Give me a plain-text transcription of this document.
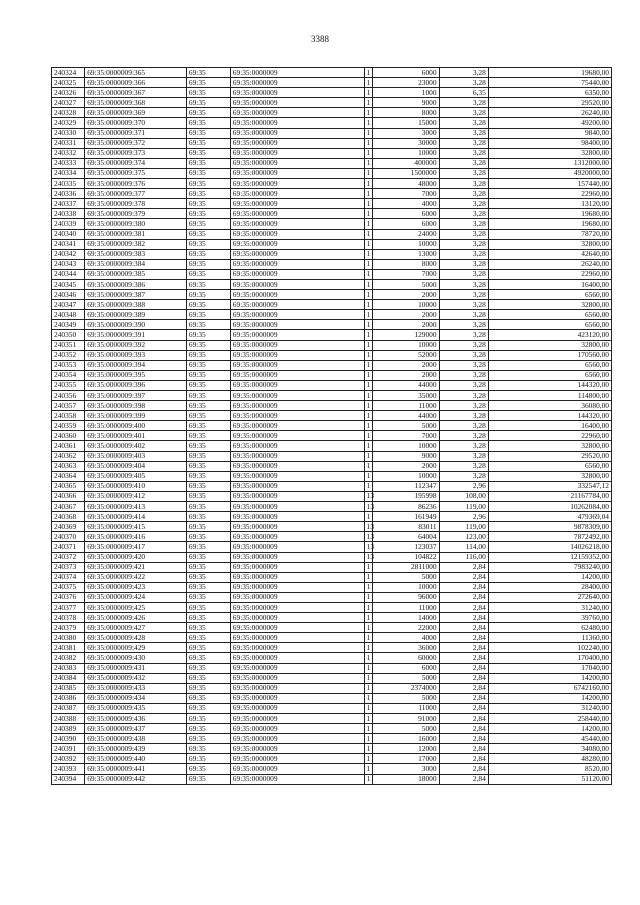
3388
240324	69:35:0000009:365	69:35	69:35:0000009	1	6000	3,28	19680,00
240325	69:35:0000009:366	69:35	69:35:0000009	1	23000	3,28	75440,00
240326	69:35:0000009:367	69:35	69:35:0000009	1	1000	6,35	6350,00
240327	69:35:0000009:368	69:35	69:35:0000009	1	9000	3,28	29520,00
240328	69:35:0000009:369	69:35	69:35:0000009	1	8000	3,28	26240,00
240329	69:35:0000009:370	69:35	69:35:0000009	1	15000	3,28	49200,00
240330	69:35:0000009:371	69:35	69:35:0000009	1	3000	3,28	9840,00
240331	69:35:0000009:372	69:35	69:35:0000009	1	30000	3,28	98400,00
240332	69:35:0000009:373	69:35	69:35:0000009	1	10000	3,28	32800,00
240333	69:35:0000009:374	69:35	69:35:0000009	1	400000	3,28	1312000,00
240334	69:35:0000009:375	69:35	69:35:0000009	1	1500000	3,28	4920000,00
240335	69:35:0000009:376	69:35	69:35:0000009	1	48000	3,28	157440,00
240336	69:35:0000009:377	69:35	69:35:0000009	1	7000	3,28	22960,00
240337	69:35:0000009:378	69:35	69:35:0000009	1	4000	3,28	13120,00
240338	69:35:0000009:379	69:35	69:35:0000009	1	6000	3,28	19680,00
240339	69:35:0000009:380	69:35	69:35:0000009	1	6000	3,28	19680,00
240340	69:35:0000009:381	69:35	69:35:0000009	1	24000	3,28	78720,00
240341	69:35:0000009:382	69:35	69:35:0000009	1	10000	3,28	32800,00
240342	69:35:0000009:383	69:35	69:35:0000009	1	13000	3,28	42640,00
240343	69:35:0000009:384	69:35	69:35:0000009	1	8000	3,28	26240,00
240344	69:35:0000009:385	69:35	69:35:0000009	1	7000	3,28	22960,00
240345	69:35:0000009:386	69:35	69:35:0000009	1	5000	3,28	16400,00
240346	69:35:0000009:387	69:35	69:35:0000009	1	2000	3,28	6560,00
240347	69:35:0000009:388	69:35	69:35:0000009	1	10000	3,28	32800,00
240348	69:35:0000009:389	69:35	69:35:0000009	1	2000	3,28	6560,00
240349	69:35:0000009:390	69:35	69:35:0000009	1	2000	3,28	6560,00
240350	69:35:0000009:391	69:35	69:35:0000009	1	129000	3,28	423120,00
240351	69:35:0000009:392	69:35	69:35:0000009	1	10000	3,28	32800,00
240352	69:35:0000009:393	69:35	69:35:0000009	1	52000	3,28	170560,00
240353	69:35:0000009:394	69:35	69:35:0000009	1	2000	3,28	6560,00
240354	69:35:0000009:395	69:35	69:35:0000009	1	2000	3,28	6560,00
240355	69:35:0000009:396	69:35	69:35:0000009	1	44000	3,28	144320,00
240356	69:35:0000009:397	69:35	69:35:0000009	1	35000	3,28	114800,00
240357	69:35:0000009:398	69:35	69:35:0000009	1	11000	3,28	36080,00
240358	69:35:0000009:399	69:35	69:35:0000009	1	44000	3,28	144320,00
240359	69:35:0000009:400	69:35	69:35:0000009	1	5000	3,28	16400,00
240360	69:35:0000009:401	69:35	69:35:0000009	1	7000	3,28	22960,00
240361	69:35:0000009:402	69:35	69:35:0000009	1	10000	3,28	32800,00
240362	69:35:0000009:403	69:35	69:35:0000009	1	9000	3,28	29520,00
240363	69:35:0000009:404	69:35	69:35:0000009	1	2000	3,28	6560,00
240364	69:35:0000009:405	69:35	69:35:0000009	1	10000	3,28	32800,00
240365	69:35:0000009:410	69:35	69:35:0000009	1	112347	2,96	332547,12
240366	69:35:0000009:412	69:35	69:35:0000009	13	195998	108,00	21167784,00
240367	69:35:0000009:413	69:35	69:35:0000009	13	86236	119,00	10262084,00
240368	69:35:0000009:414	69:35	69:35:0000009	1	161949	2,96	479369,04
240369	69:35:0000009:415	69:35	69:35:0000009	13	83011	119,00	9878309,00
240370	69:35:0000009:416	69:35	69:35:0000009	13	64004	123,00	7872492,00
240371	69:35:0000009:417	69:35	69:35:0000009	13	123037	114,00	14026218,00
240372	69:35:0000009:420	69:35	69:35:0000009	13	104822	116,00	12159352,00
240373	69:35:0000009:421	69:35	69:35:0000009	1	2811000	2,84	7983240,00
240374	69:35:0000009:422	69:35	69:35:0000009	1	5000	2,84	14200,00
240375	69:35:0000009:423	69:35	69:35:0000009	1	10000	2,84	28400,00
240376	69:35:0000009:424	69:35	69:35:0000009	1	96000	2,84	272640,00
240377	69:35:0000009:425	69:35	69:35:0000009	1	11000	2,84	31240,00
240378	69:35:0000009:426	69:35	69:35:0000009	1	14000	2,84	39760,00
240379	69:35:0000009:427	69:35	69:35:0000009	1	22000	2,84	62480,00
240380	69:35:0000009:428	69:35	69:35:0000009	1	4000	2,84	11360,00
240381	69:35:0000009:429	69:35	69:35:0000009	1	36000	2,84	102240,00
240382	69:35:0000009:430	69:35	69:35:0000009	1	60000	2,84	170400,00
240383	69:35:0000009:431	69:35	69:35:0000009	1	6000	2,84	17040,00
240384	69:35:0000009:432	69:35	69:35:0000009	1	5000	2,84	14200,00
240385	69:35:0000009:433	69:35	69:35:0000009	1	2374000	2,84	6742160,00
240386	69:35:0000009:434	69:35	69:35:0000009	1	5000	2,84	14200,00
240387	69:35:0000009:435	69:35	69:35:0000009	1	11000	2,84	31240,00
240388	69:35:0000009:436	69:35	69:35:0000009	1	91000	2,84	258440,00
240389	69:35:0000009:437	69:35	69:35:0000009	1	5000	2,84	14200,00
240390	69:35:0000009:438	69:35	69:35:0000009	1	16000	2,84	45440,00
240391	69:35:0000009:439	69:35	69:35:0000009	1	12000	2,84	34080,00
240392	69:35:0000009:440	69:35	69:35:0000009	1	17000	2,84	48280,00
240393	69:35:0000009:441	69:35	69:35:0000009	1	3000	2,84	8520,00
240394	69:35:0000009:442	69:35	69:35:0000009	1	18000	2,84	51120,00
